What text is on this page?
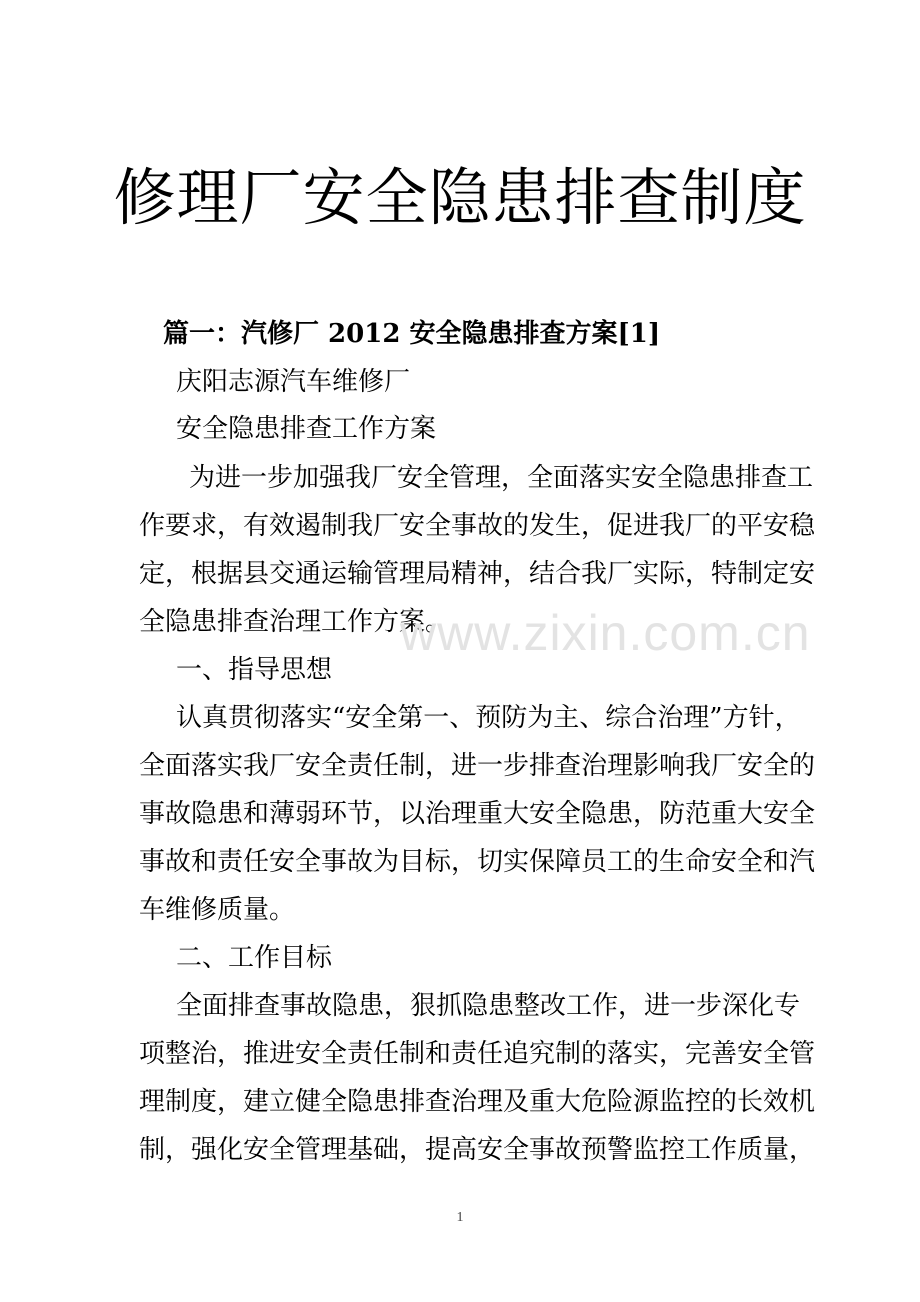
修理厂安全隐患排查制度

篇一：汽修厂 2012 安全隐患排查方案[1]

庆阳志源汽车维修厂

安全隐患排查工作方案

为进一步加强我厂安全管理，全面落实安全隐患排查工

作要求，有效遏制我厂安全事故的发生，促进我厂的平安稳

定，根据县交通运输管理局精神，结合我厂实际，特制定安

全隐患排查治理工作方案。

一、指导思想

认真贯彻落实“安全第一、预防为主、综合治理”方针，

全面落实我厂安全责任制，进一步排查治理影响我厂安全的

事故隐患和薄弱环节，以治理重大安全隐患，防范重大安全

事故和责任安全事故为目标，切实保障员工的生命安全和汽

车维修质量。

二、工作目标

全面排查事故隐患，狠抓隐患整改工作，进一步深化专

项整治，推进安全责任制和责任追究制的落实，完善安全管

理制度，建立健全隐患排查治理及重大危险源监控的长效机

制，强化安全管理基础，提高安全事故预警监控工作质量，

www.zixin.com.cn
1
